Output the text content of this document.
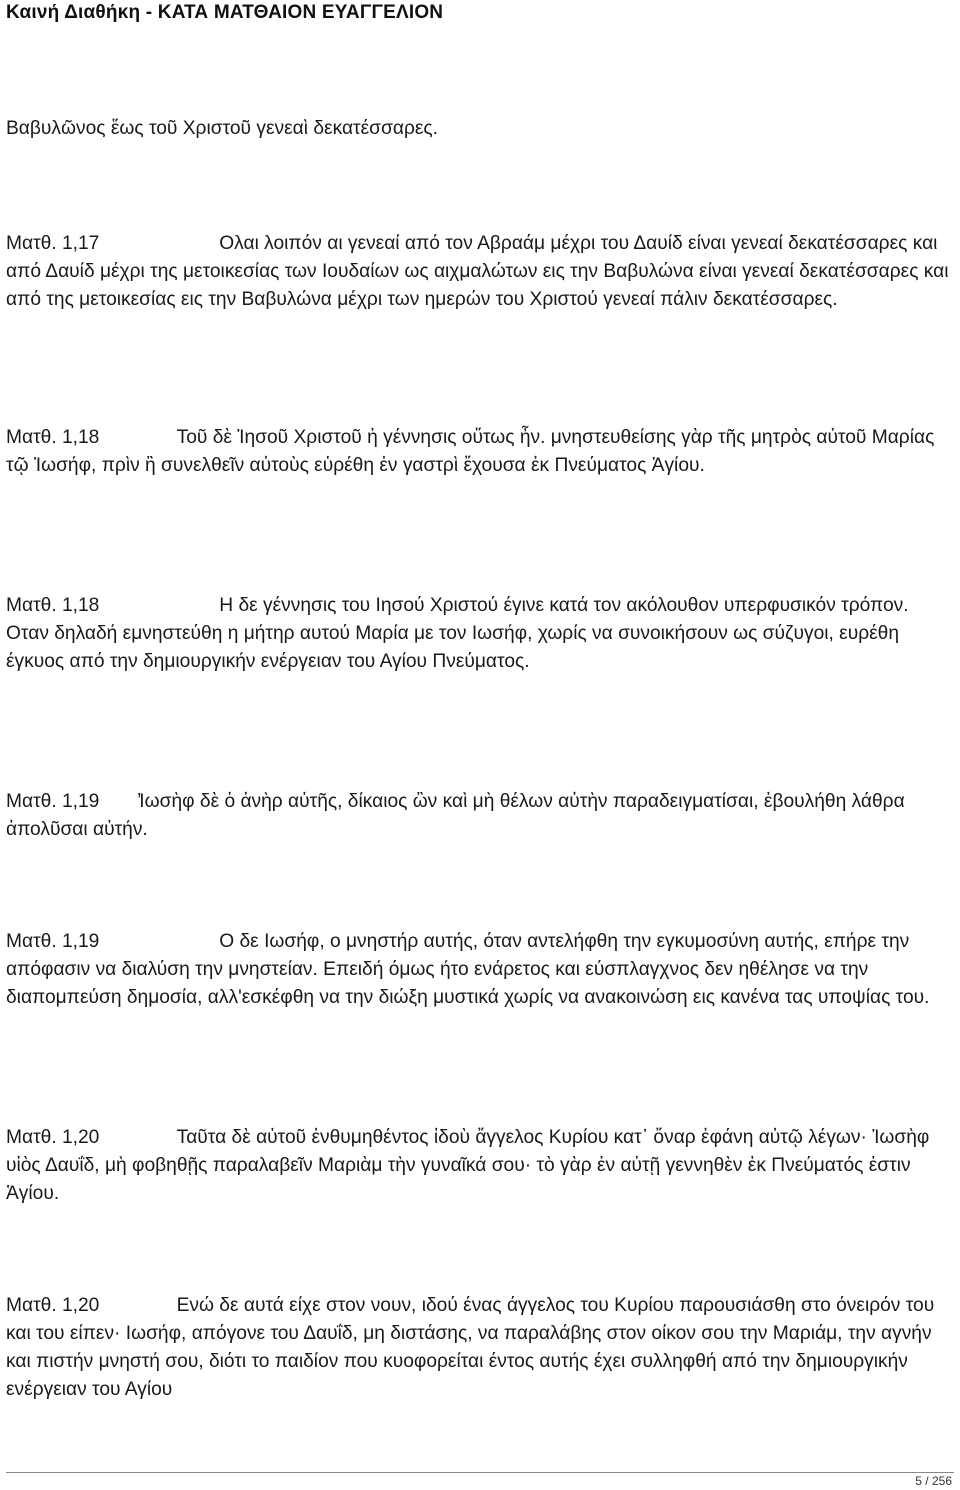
Καινή Διαθήκη - ΚΑΤΑ ΜΑΤΘΑΙΟΝ ΕΥΑΓΓΕΛΙΟΝ

Βαβυλῶνος ἕως τοῦ Χριστοῦ γενεαὶ δεκατέσσαρες.

Ματθ. 1,17			Ολαι λοιπόν αι γενεαί από τον Αβραάμ μέχρι του Δαυίδ είναι γενεαί δεκατέσσαρες και από Δαυίδ μέχρι της μετοικεσίας των Ιουδαίων ως αιχμαλώτων εις την Βαβυλώνα είναι γενεαί δεκατέσσαρες και από της μετοικεσίας εις την Βαβυλώνα μέχρι των ημερών του Χριστού γενεαί πάλιν δεκατέσσαρες.

Ματθ. 1,18		Τοῦ δὲ Ἰησοῦ Χριστοῦ ἡ γέννησις οὕτως ἦν. μνηστευθείσης γὰρ τῆς μητρὸς αὐτοῦ Μαρίας τῷ Ἰωσήφ, πρὶν ἢ συνελθεῖν αὐτοὺς εὑρέθη ἐν γαστρὶ ἔχουσα ἐκ Πνεύματος Ἁγίου.

Ματθ. 1,18			Η δε γέννησις του Ιησού Χριστού έγινε κατά τον ακόλουθον υπερφυσικόν τρόπον. Οταν δηλαδή εμνηστεύθη η μήτηρ αυτού Μαρία με τον Ιωσήφ, χωρίς να συνοικήσουν ως σύζυγοι, ευρέθη έγκυος από την δημιουργικήν ενέργειαν του Αγίου Πνεύματος.

Ματθ. 1,19	̓Ιωσὴφ δὲ ὁ ἀνὴρ αὐτῆς, δίκαιος ὢν καὶ μὴ θέλων αὐτὴν παραδειγματίσαι, ἐβουλήθη λάθρα ἀπολῦσαι αὐτήν.

Ματθ. 1,19			Ο δε Ιωσήφ, ο μνηστήρ αυτής, όταν αντελήφθη την εγκυμοσύνη αυτής, επήρε την απόφασιν να διαλύση την μνηστείαν. Επειδή όμως ήτο ενάρετος και εύσπλαγχνος δεν ηθέλησε να την διαπομπεύση δημοσία, αλλ'εσκέφθη να την διώξη μυστικά χωρίς να ανακοινώση εις κανένα τας υποψίας του.

Ματθ. 1,20		Ταῦτα δὲ αὐτοῦ ἐνθυμηθέντος ἰδοὺ ἄγγελος Κυρίου κατ᾿ ὄναρ ἐφάνη αὐτῷ λέγων· Ἰωσὴφ υἱὸς Δαυΐδ, μὴ φοβηθῇς παραλαβεῖν Μαριὰμ τὴν γυναῖκά σου· τὸ γὰρ ἐν αὐτῇ γεννηθὲν ἐκ Πνεύματός ἐστιν Ἁγίου.

Ματθ. 1,20		Ενώ δε αυτά είχε στον νουν, ιδού ένας άγγελος του Κυρίου παρουσιάσθη στο όνειρόν του και του είπεν· Ιωσήφ, απόγονε του Δαυΐδ, μη διστάσης, να παραλάβης στον οίκον σου την Μαριάμ, την αγνήν και πιστήν μνηστή σου, διότι το παιδίον που κυοφορείται έντος αυτής έχει συλληφθή από την δημιουργικήν ενέργειαν του Αγίου

5 / 256
